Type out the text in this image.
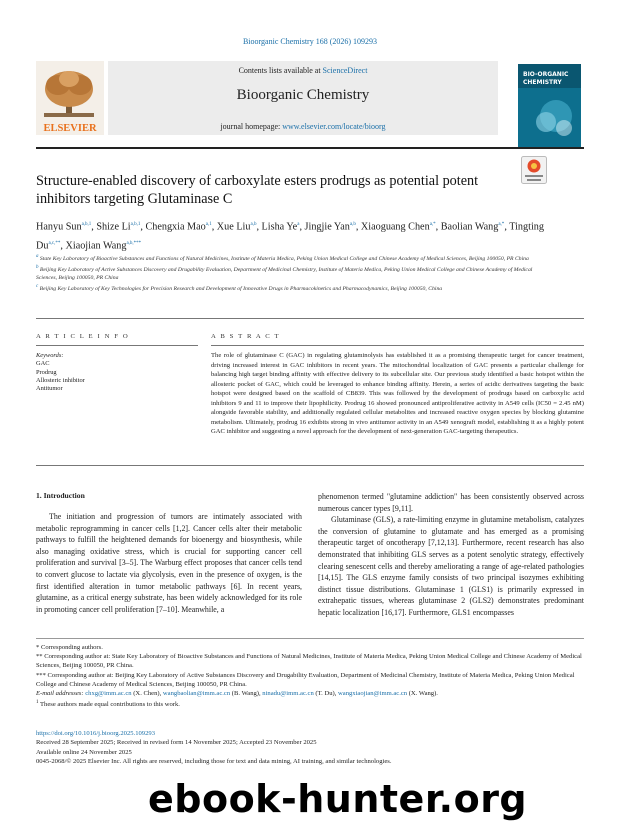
Bioorganic Chemistry 168 (2026) 109293
ELSEVIER
Contents lists available at ScienceDirect
Bioorganic Chemistry
journal homepage: www.elsevier.com/locate/bioorg
BIO-ORGANIC
CHEMISTRY
Structure-enabled discovery of carboxylate esters prodrugs as potential potent inhibitors targeting Glutaminase C
Hanyu Sun$^{a,b,1}$, Shize Li$^{a,b,1}$, Chengxia Mao$^{a,1}$, Xue Liu$^{a,b}$, Lisha Ye$^a$, Jingjie Yan$^{a,b}$, Xiaoguang Chen$^{a,*}$, Baolian Wang$^{a,*}$, Tingting $Du^{a,c,**}$, Xiaojian Wang$^{a,b,***}$
a State Key Laboratory of Bioactive Substances and Functions of Natural Medicines, Institute of Materia Medica, Peking Union Medical College and Chinese Academy of Medical Sciences, Beijing 100050, PR China
b Beijing Key Laboratory of Active Substances Discovery and Drugability Evaluation, Department of Medicinal Chemistry, Institute of Materia Medica, Peking Union Medical College and Chinese Academy of Medical Sciences, Beijing 100050, PR China
c Beijing Key Laboratory of Key Technologies for Precision Research and Development of Innovative Drugs in Pharmacokinetics and Pharmacodynamics, Beijing 100050, China
A R T I C L E I N F O	A B S T R A C T
Keywords:
GAC
Prodrug
Allosteric inhibitor
Antitumor
The role of glutaminase C (GAC) in regulating glutaminolysis has established it as a promising therapeutic target for cancer treatment, driving increased interest in GAC inhibitors in recent years. The mitochondrial localization of GAC presents a particular challenge for balancing high target binding affinity with effective delivery to its subcellular site. Our previous study identified a basic hotspot within the allosteric pocket of GAC, which could be leveraged to enhance binding affinity. Herein, a series of acidic derivatives targeting the basic hotspot were designed based on the scaffold of CB839. This was followed by the development of prodrugs based on carboxylic acid inhibitors 9 and 11 to improve their lipophilicity. Prodrug 16 showed pronounced antiproliferative activity in A549 cells (IC50 = 2.45 nM) alongside favorable stability, and additionally regulated cellular metabolites and increased reactive oxygen species by blocking glutamine metabolism. Ultimately, prodrug 16 exhibits strong in vivo antitumor activity in an A549 xenograft model, establishing it as a highly potent GAC inhibitor and suggesting a novel approach for the development of next-generation GAC-targeting therapeutics.
1. Introduction

The initiation and progression of tumors are intimately associated with metabolic reprogramming in cancer cells [1,2]. Cancer cells alter their metabolic pathways to fulfill the heightened demands for bioenergy and biosynthesis, while also managing oxidative stress, which is crucial for supporting cancer cell proliferation and survival [3–5]. The Warburg effect proposes that cancer cells tend to convert glucose to lactate via glycolysis, even in the presence of oxygen, is the first identified alteration in tumor metabolic pathways [6]. In recent years, glutamine, as a critical energy substrate, has been widely acknowledged for its role in promoting cancer cell proliferation [7–10]. Meanwhile, a

phenomenon termed "glutamine addiction" has been consistently observed across numerous cancer types [9,11].

Glutaminase (GLS), a rate-limiting enzyme in glutamine metabolism, catalyzes the conversion of glutamine to glutamate and has emerged as a promising therapeutic target of oncotherapy [7,12,13]. Furthermore, recent research has also demonstrated that inhibiting GLS serves as a potent senolytic strategy, effectively clearing senescent cells and thereby ameliorating a range of age-related pathologies [14,15]. The GLS enzyme family consists of two principal isozymes exhibiting distinct tissue distributions. Glutaminase 1 (GLS1) is primarily expressed in extrahepatic tissues, whereas glutaminase 2 (GLS2) demonstrates predominant hepatic localization [16,17]. Furthermore, GLS1 encompasses

* Corresponding authors.

** Corresponding author at: State Key Laboratory of Bioactive Substances and Functions of Natural Medicines, Institute of Materia Medica, Peking Union Medical College and Chinese Academy of Medical Sciences, Beijing 100050, PR China.

*** Corresponding author at: Beijing Key Laboratory of Active Substances Discovery and Drugability Evaluation, Department of Medicinal Chemistry, Institute of Materia Medica, Peking Union Medical College and Chinese Academy of Medical Sciences, Beijing 100050, PR China.

E-mail addresses: chxg@imm.ac.cn (X. Chen), wangbaolian@imm.ac.cn (B. Wang), ninadu@imm.ac.cn (T. Du), wangxiaojian@imm.ac.cn (X. Wang).

$^1$ These authors made equal contributions to this work.

https://doi.org/10.1016/j.bioorg.2025.109293
Received 28 September 2025; Received in revised form 14 November 2025; Accepted 23 November 2025
Available online 24 November 2025
0045-2068/© 2025 Elsevier Inc. All rights are reserved, including those for text and data mining, AI training, and similar technologies.
ebook-hunter.org
